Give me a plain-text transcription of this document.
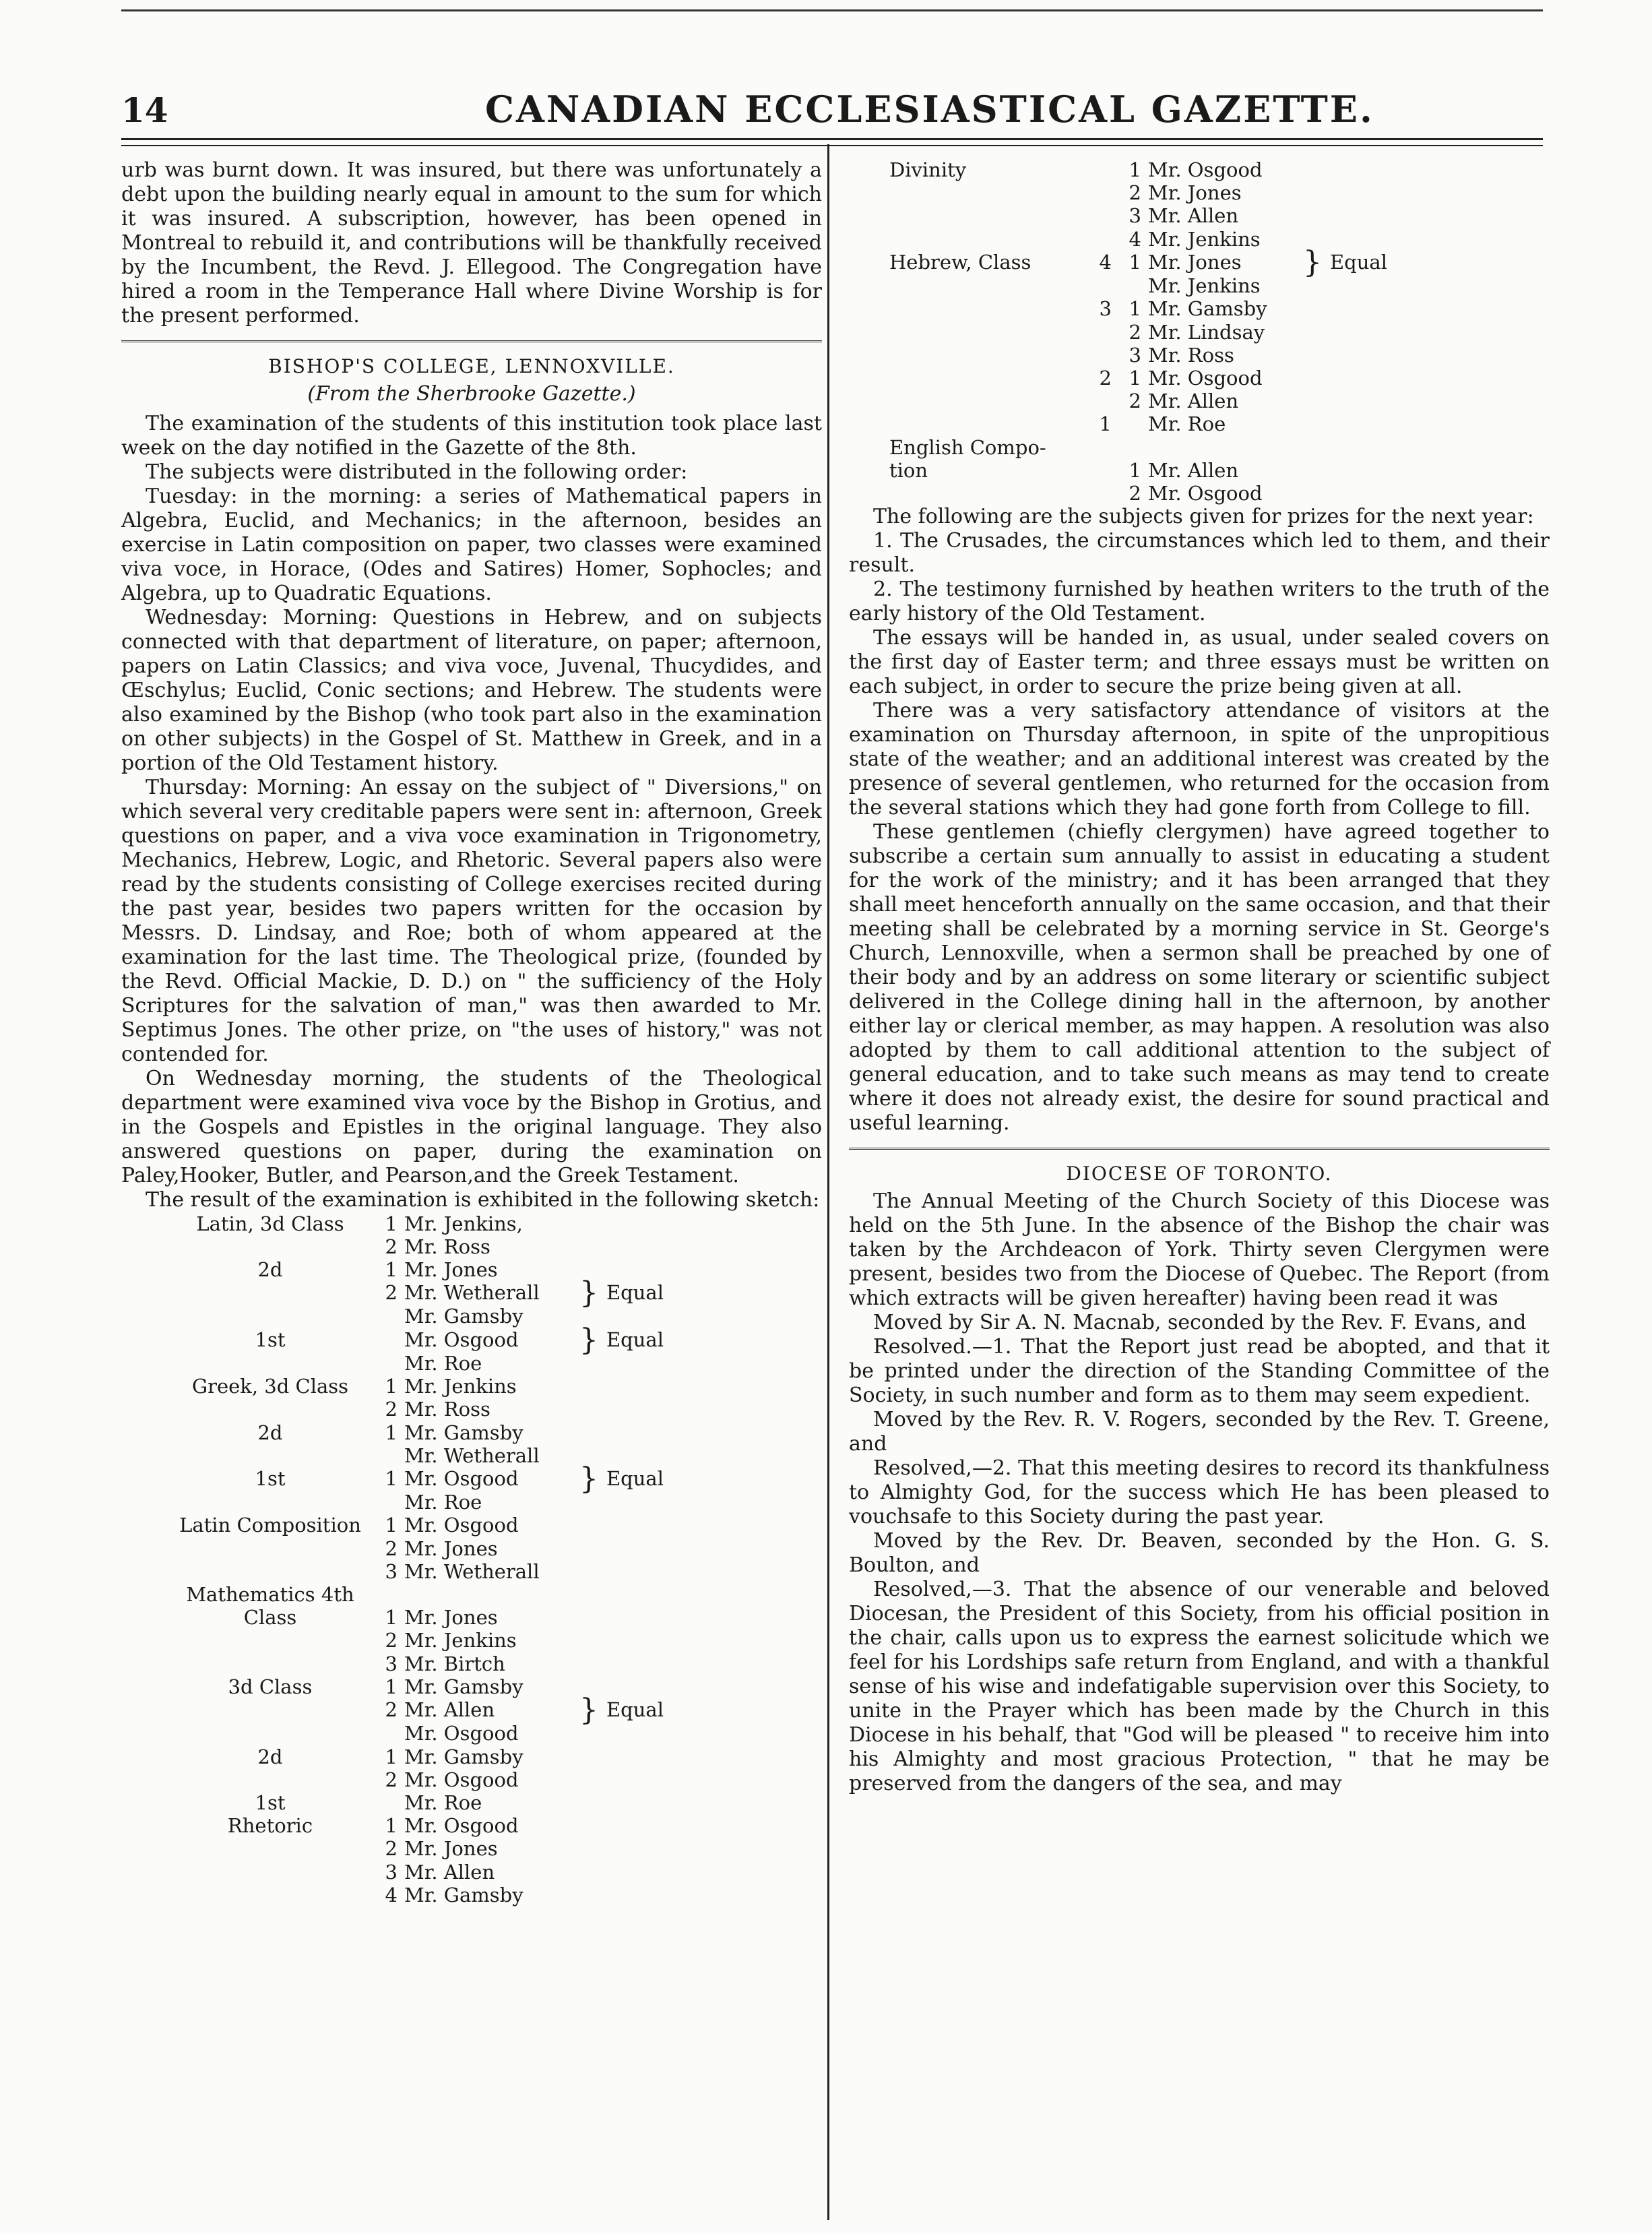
14	CANADIAN ECCLESIASTICAL GAZETTE.

urb was burnt down. It was insured, but there was unfortunately a debt upon the building nearly equal in amount to the sum for which it was insured. A subscription, however, has been opened in Montreal to rebuild it, and contributions will be thankfully received by the Incumbent, the Revd. J. Ellegood. The Congregation have hired a room in the Temperance Hall where Divine Worship is for the present performed.

BISHOP'S COLLEGE, LENNOXVILLE.
(From the Sherbrooke Gazette.)

The examination of the students of this institution took place last week on the day notified in the Gazette of the 8th.

The subjects were distributed in the following order:

Tuesday: in the morning: a series of Mathematical papers in Algebra, Euclid, and Mechanics; in the afternoon, besides an exercise in Latin composition on paper, two classes were examined viva voce, in Horace, (Odes and Satires) Homer, Sophocles; and Algebra, up to Quadratic Equations.

Wednesday: Morning: Questions in Hebrew, and on subjects connected with that department of literature, on paper; afternoon, papers on Latin Classics; and viva voce, Juvenal, Thucydides, and Œschylus; Euclid, Conic sections; and Hebrew. The students were also examined by the Bishop (who took part also in the examination on other subjects) in the Gospel of St. Matthew in Greek, and in a portion of the Old Testament history.

Thursday: Morning: An essay on the subject of " Diversions," on which several very creditable papers were sent in: afternoon, Greek questions on paper, and a viva voce examination in Trigonometry, Mechanics, Hebrew, Logic, and Rhetoric. Several papers also were read by the students consisting of College exercises recited during the past year, besides two papers written for the occasion by Messrs. D. Lindsay, and Roe; both of whom appeared at the examination for the last time. The Theological prize, (founded by the Revd. Official Mackie, D. D.) on " the sufficiency of the Holy Scriptures for the salvation of man," was then awarded to Mr. Septimus Jones. The other prize, on "the uses of history," was not contended for.

On Wednesday morning, the students of the Theological department were examined viva voce by the Bishop in Grotius, and in the Gospels and Epistles in the original language. They also answered questions on paper, during the examination on Paley,Hooker, Butler, and Pearson,and the Greek Testament.

The result of the examination is exhibited in the following sketch:

Latin, 3d Class	1	Mr. Jenkins,		
	2	Mr. Ross		
2d	1	Mr. Jones		
	2	Mr. Wetherall	}	Equal
		Mr. Gamsby		
1st		Mr. Osgood	}	Equal
		Mr. Roe		
Greek, 3d Class	1	Mr. Jenkins		
	2	Mr. Ross		
2d	1	Mr. Gamsby		
		Mr. Wetherall		
1st	1	Mr. Osgood	}	Equal
		Mr. Roe		
Latin Composition	1	Mr. Osgood		
	2	Mr. Jones		
	3	Mr. Wetherall		
Mathematics 4th				
Class	1	Mr. Jones		
	2	Mr. Jenkins		
	3	Mr. Birtch		
3d Class	1	Mr. Gamsby		
	2	Mr. Allen	}	Equal
		Mr. Osgood		
2d	1	Mr. Gamsby		
	2	Mr. Osgood		
1st		Mr. Roe		
Rhetoric	1	Mr. Osgood		
	2	Mr. Jones		
	3	Mr. Allen		
	4	Mr. Gamsby		
Divinity		1	Mr. Osgood		
		2	Mr. Jones		
		3	Mr. Allen		
		4	Mr. Jenkins		
Hebrew, Class	4	1	Mr. Jones	}	Equal
			Mr. Jenkins		
	3	1	Mr. Gamsby		
		2	Mr. Lindsay		
		3	Mr. Ross		
	2	1	Mr. Osgood		
		2	Mr. Allen		
	1		Mr. Roe		
English Compo-					
tion		1	Mr. Allen		
		2	Mr. Osgood		

The following are the subjects given for prizes for the next year:

1. The Crusades, the circumstances which led to them, and their result.

2. The testimony furnished by heathen writers to the truth of the early history of the Old Testament.

The essays will be handed in, as usual, under sealed covers on the first day of Easter term; and three essays must be written on each subject, in order to secure the prize being given at all.

There was a very satisfactory attendance of visitors at the examination on Thursday afternoon, in spite of the unpropitious state of the weather; and an additional interest was created by the presence of several gentlemen, who returned for the occasion from the several stations which they had gone forth from College to fill.

These gentlemen (chiefly clergymen) have agreed together to subscribe a certain sum annually to assist in educating a student for the work of the ministry; and it has been arranged that they shall meet henceforth annually on the same occasion, and that their meeting shall be celebrated by a morning service in St. George's Church, Lennoxville, when a sermon shall be preached by one of their body and by an address on some literary or scientific subject delivered in the College dining hall in the afternoon, by another either lay or clerical member, as may happen. A resolution was also adopted by them to call additional attention to the subject of general education, and to take such means as may tend to create where it does not already exist, the desire for sound practical and useful learning.

DIOCESE OF TORONTO.

The Annual Meeting of the Church Society of this Diocese was held on the 5th June. In the absence of the Bishop the chair was taken by the Archdeacon of York. Thirty seven Clergymen were present, besides two from the Diocese of Quebec. The Report (from which extracts will be given hereafter) having been read it was

Moved by Sir A. N. Macnab, seconded by the Rev. F. Evans, and

Resolved.—1. That the Report just read be abopted, and that it be printed under the direction of the Standing Committee of the Society, in such number and form as to them may seem expedient.

Moved by the Rev. R. V. Rogers, seconded by the Rev. T. Greene, and

Resolved,—2. That this meeting desires to record its thankfulness to Almighty God, for the success which He has been pleased to vouchsafe to this Society during the past year.

Moved by the Rev. Dr. Beaven, seconded by the Hon. G. S. Boulton, and

Resolved,—3. That the absence of our venerable and beloved Diocesan, the President of this Society, from his official position in the chair, calls upon us to express the earnest solicitude which we feel for his Lordships safe return from England, and with a thankful sense of his wise and indefatigable supervision over this Society, to unite in the Prayer which has been made by the Church in this Diocese in his behalf, that "God will be pleased " to receive him into his Almighty and most gracious Protection, " that he may be preserved from the dangers of the sea, and may
